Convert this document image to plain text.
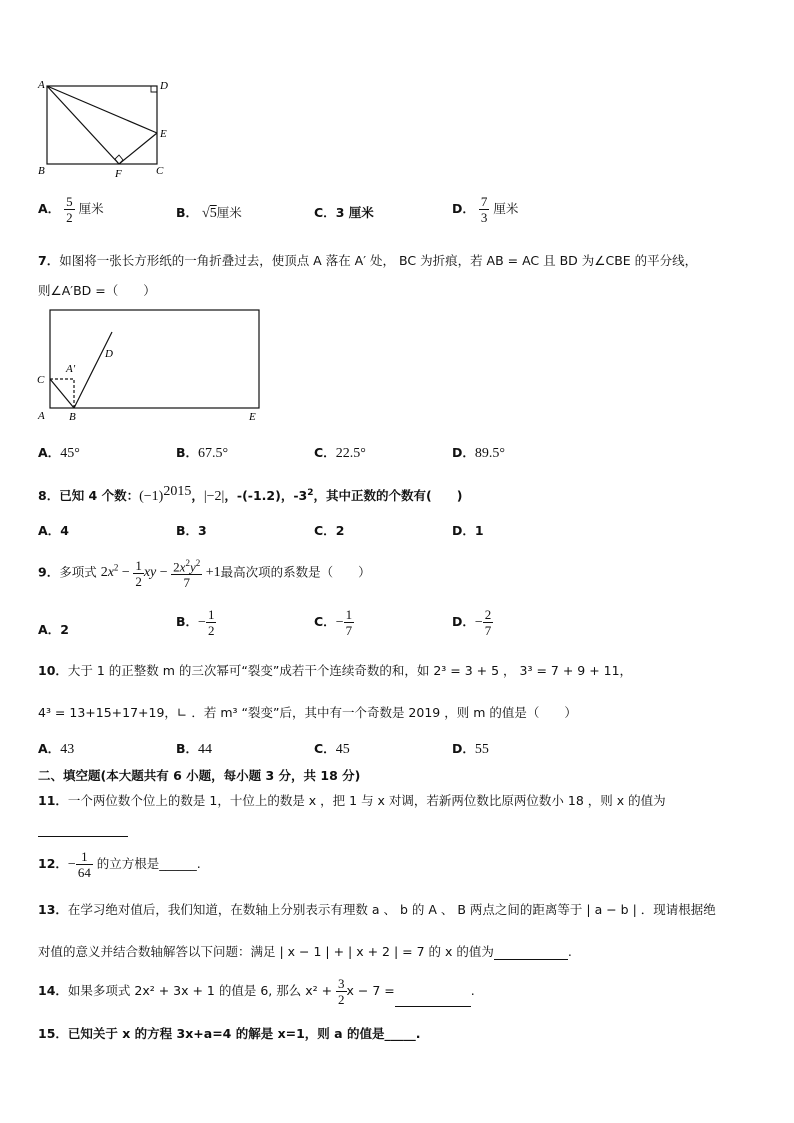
A	D
E
B	F	C
A． $\frac{5}{2}$ 厘米	B． √5厘米	C．3 厘米	D． $\frac{7}{3}$ 厘米
7．如图将一张长方形纸的一角折叠过去，使顶点 A 落在 A′ 处， BC 为折痕，若 AB = AC 且 BD 为∠CBE 的平分线，
则∠A′BD =（　　）
C
A′
D
A B	E
A．45°	B．67.5°	C．22.5°	D．89.5°
8．已知 4 个数：$(-1)^{2015}$，|−2|，-(-1.2)，$-3^2$，其中正数的个数有(　　)
A．4	B．3	C．2	D．1
9．多项式 $2x^2 - \frac{1}{2}$ xy − $\frac{2x^2y^2}{7} +1$最高次项的系数是（　　）
A．2
B．− $\frac{1}{2}$	C．− $\frac{1}{7}$	D．− $\frac{2}{7}$
10．大于 1 的正整数 m 的三次幂可“裂变”成若干个连续奇数的和，如 2³ = 3 + 5 ， 3³ = 7 + 9 + 11，
4³ = 13+15+17+19，∟ ．若 m³ “裂变”后，其中有一个奇数是 2019 ，则 m 的值是（　　）
A．43	B．44	C．45	D．55
二、填空题(本大题共有 6 小题，每小题 3 分，共 18 分)
11．一个两位数个位上的数是 1，十位上的数是 x ，把 1 与 x 对调，若新两位数比原两位数小 18 ，则 x 的值为
12．− $\frac{1}{64}$ 的立方根是______.
13．在学习绝对值后，我们知道，在数轴上分别表示有理数 a 、 b 的 A 、 B 两点之间的距离等于 | a − b | ．现请根据绝
对值的意义并结合数轴解答以下问题：满足 | x − 1 | + | x + 2 | = 7 的 x 的值为	.
14．如果多项式 2x² + 3x + 1 的值是 6, 那么 $x^2 + \frac{3}{2}$ x − 7 =	.
15．已知关于 x 的方程 3x+a=4 的解是 x=1，则 a 的值是_____.
